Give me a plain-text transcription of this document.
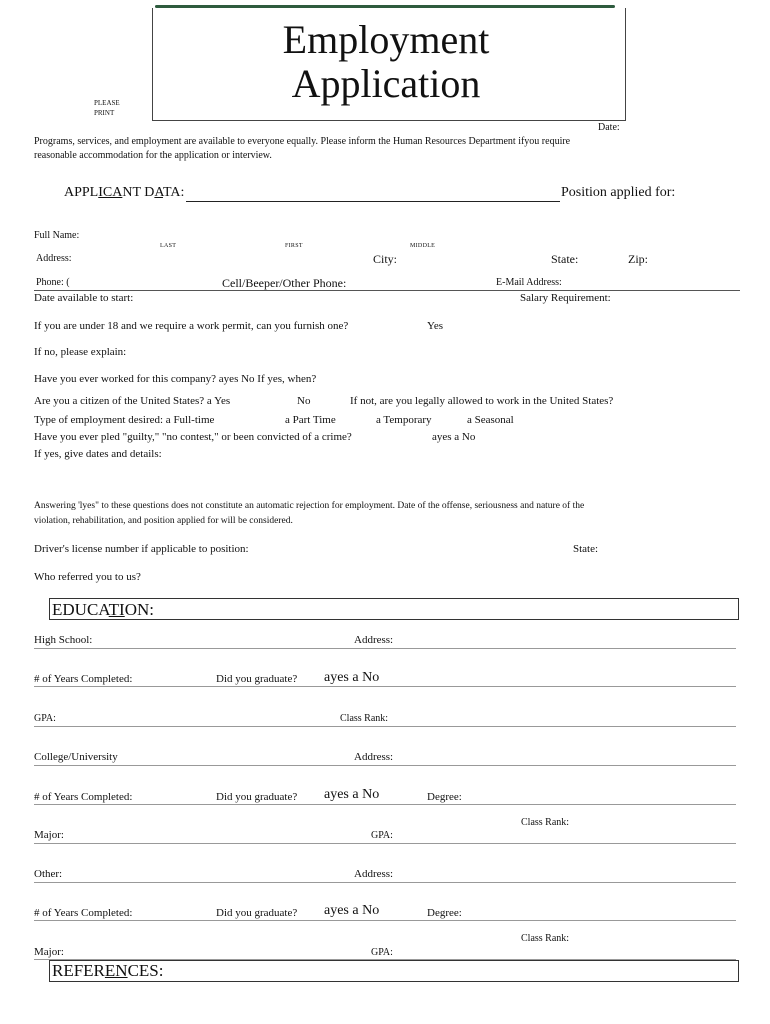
Employment
Application
PLEASE
PRINT
Date:
Programs, services, and employment are available to everyone equally. Please inform the Human Resources Department ifyou require
reasonable accommodation for the application or interview.
APPLICANT DATA:	Position applied for:
Full Name:
LAST	FIRST	MIDDLE
Address:	City:	State:	Zip:
Phone: (	Cell/Beeper/Other Phone:	E-Mail Address:
Date available to start:	Salary Requirement:
If you are under 18 and we require a work permit, can you furnish one?	Yes
If no, please explain:
Have you ever worked for this company? ayes No If yes, when?
Are you a citizen of the United States? a Yes	No	If not, are you legally allowed to work in the United States?
Type of employment desired: a Full-time	a Part Time	a Temporary	a Seasonal
Have you ever pled "guilty," "no contest," or been convicted of a crime?	ayes a No
If yes, give dates and details:
Answering 'lyes" to these questions does not constitute an automatic rejection for employment. Date of the offense, seriousness and nature of the
violation, rehabilitation, and position applied for will be considered.
Driver's license number if applicable to position:	State:
Who referred you to us?
EDUCATION:
High School:	Address:
# of Years Completed:	Did you graduate? ayes a No
GPA:	Class Rank:
College/University	Address:
# of Years Completed:	Did you graduate? ayes a No	Degree:
Class Rank:
Major:	GPA:
Other:	Address:
# of Years Completed:	Did you graduate? ayes a No	Degree:
Class Rank:
Major:	GPA:
REFERENCES:
